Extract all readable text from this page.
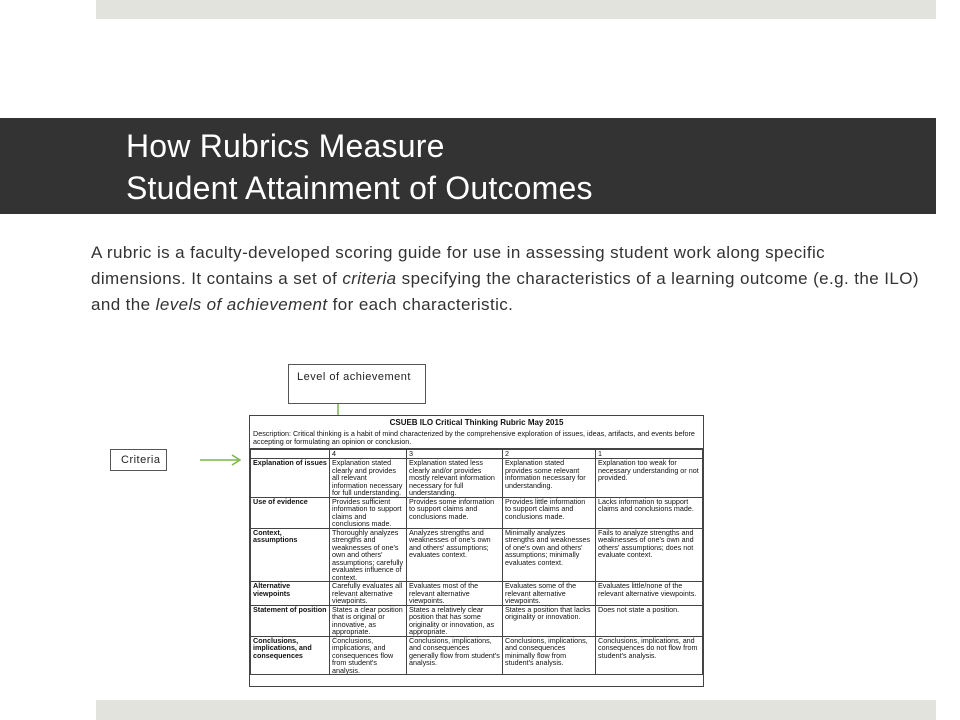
How Rubrics Measure
Student Attainment of Outcomes
A rubric is a faculty-developed scoring guide for use in assessing student work along specific dimensions. It contains a set of criteria specifying the characteristics of a learning outcome (e.g. the ILO) and the levels of achievement for each characteristic.
Level of achievement
Criteria
CSUEB ILO Critical Thinking Rubric May 2015
Description: Critical thinking is a habit of mind characterized by the comprehensive exploration of issues, ideas, artifacts, and events before accepting or formulating an opinion or conclusion.
	4	3	2	1
Explanation of issues	Explanation stated clearly and provides all relevant information necessary for full understanding.	Explanation stated less clearly and/or provides mostly relevant information necessary for full understanding.	Explanation stated provides some relevant information necessary for understanding.	Explanation too weak for necessary understanding or not provided.
Use of evidence	Provides sufficient information to support claims and conclusions made.	Provides some information to support claims and conclusions made.	Provides little information to support claims and conclusions made.	Lacks information to support claims and conclusions made.
Context, assumptions	Thoroughly analyzes strengths and weaknesses of one's own and others' assumptions; carefully evaluates influence of context.	Analyzes strengths and weaknesses of one's own and others' assumptions; evaluates context.	Minimally analyzes strengths and weaknesses of one's own and others' assumptions; minimally evaluates context.	Fails to analyze strengths and weaknesses of one's own and others' assumptions; does not evaluate context.
Alternative viewpoints	Carefully evaluates all relevant alternative viewpoints.	Evaluates most of the relevant alternative viewpoints.	Evaluates some of the relevant alternative viewpoints.	Evaluates little/none of the relevant alternative viewpoints.
Statement of position	States a clear position that is original or innovative, as appropriate.	States a relatively clear position that has some originality or innovation, as appropriate.	States a position that lacks originality or innovation.	Does not state a position.
Conclusions, implications, and consequences	Conclusions, implications, and consequences flow from student's analysis.	Conclusions, implications, and consequences generally flow from student's analysis.	Conclusions, implications, and consequences minimally flow from student's analysis.	Conclusions, implications, and consequences do not flow from student's analysis.
